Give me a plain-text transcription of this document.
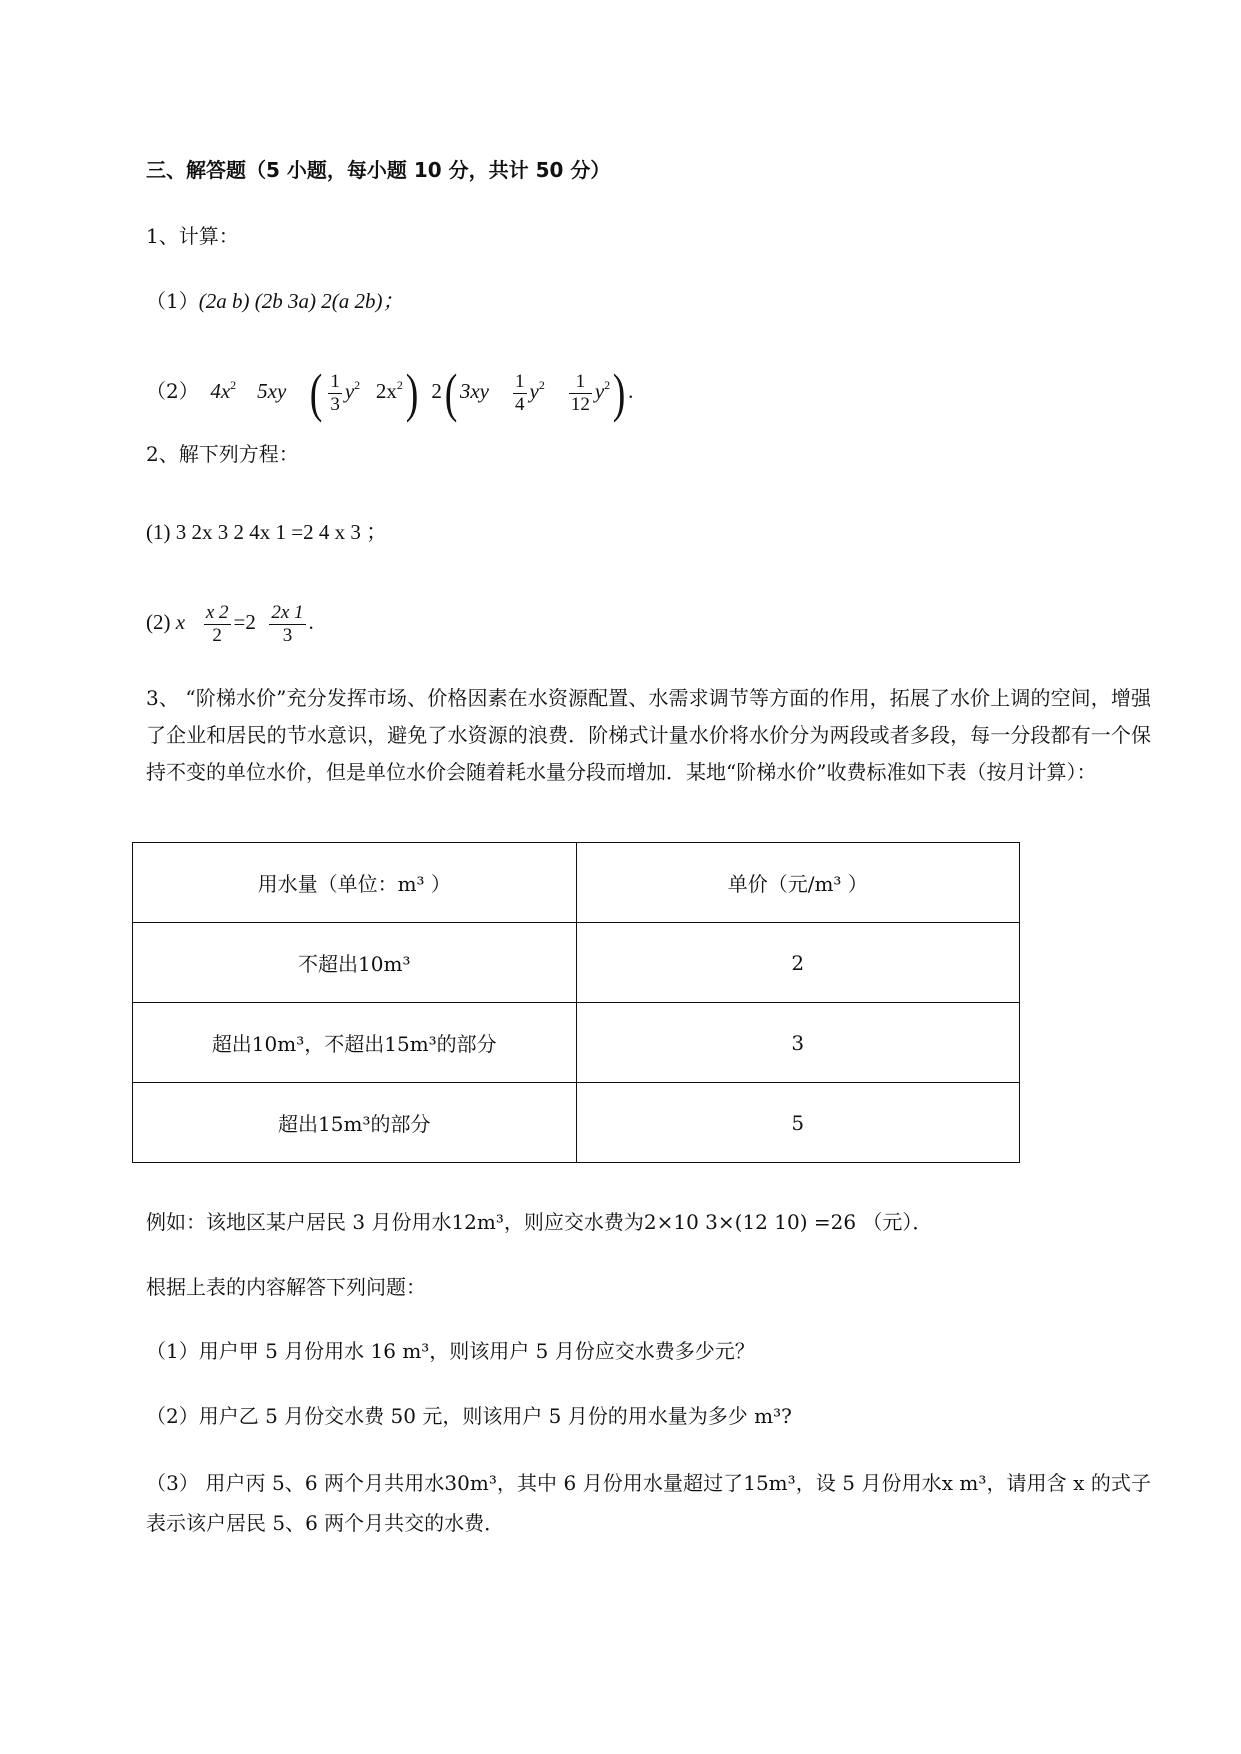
三、解答题（5 小题，每小题 10 分，共计 50 分）
1、计算：
（1）(2a b) (2b 3a) 2(a 2b)；
（2） $4x^2$ 5xy ( $\frac{1}{3} y^2$ $2x^2$)  2( $3xy \frac{1}{4} y^2 \frac{1}{12} y^2$) .
2、解下列方程：
(1) 3 2x 3 2 4x 1 =2 4 x 3 ；
(2) x $\frac{x 2}{2} =2 \frac{2x 1}{3}$ .
3、 “阶梯水价”充分发挥市场、价格因素在水资源配置、水需求调节等方面的作用，拓展了水价上调的空间，增强了企业和居民的节水意识，避免了水资源的浪费．阶梯式计量水价将水价分为两段或者多段，每一分段都有一个保持不变的单位水价，但是单位水价会随着耗水量分段而增加．某地“阶梯水价”收费标准如下表（按月计算）：
用水量（单位：m³ ）	单价（元/m³ ）
不超出10m³	2
超出10m³，不超出15m³的部分	3
超出15m³的部分	5
例如：该地区某户居民 3 月份用水12m³，则应交水费为2×10 3×(12 10) =26 （元）．
根据上表的内容解答下列问题：
（1）用户甲 5 月份用水 16 m³，则该用户 5 月份应交水费多少元？
（2）用户乙 5 月份交水费 50 元，则该用户 5 月份的用水量为多少 m³?
（3） 用户丙 5、6 两个月共用水30m³，其中 6 月份用水量超过了15m³，设 5 月份用水x m³，请用含 x 的式子表示该户居民 5、6 两个月共交的水费．
